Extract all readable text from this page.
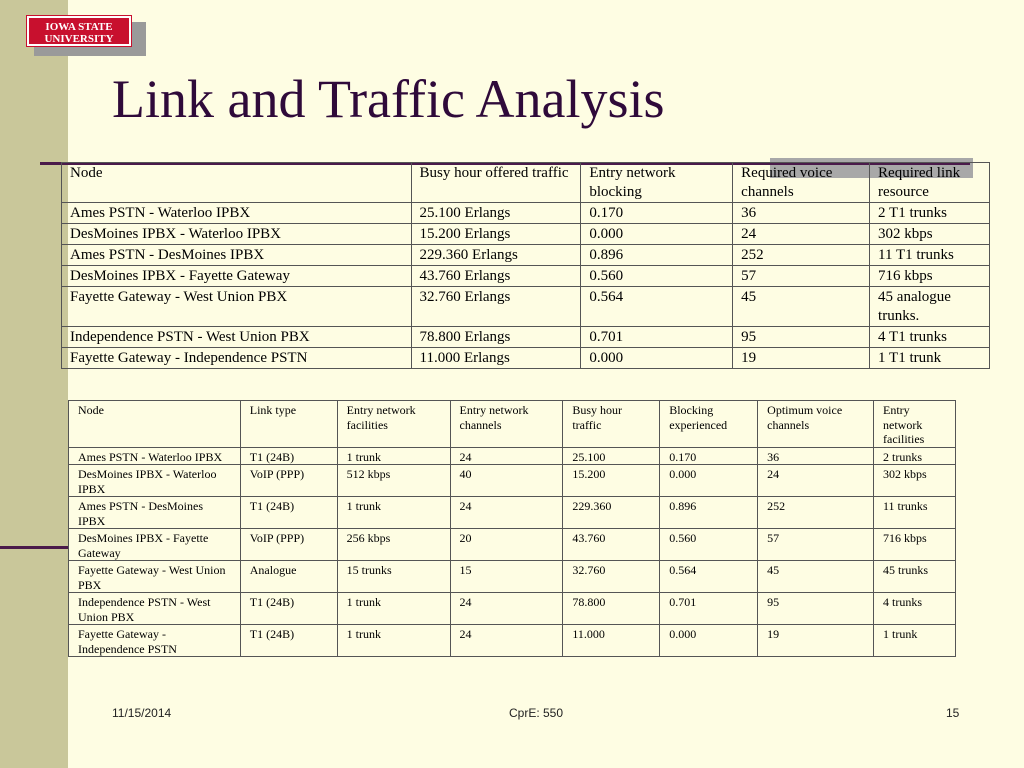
IOWA STATE
UNIVERSITY
Link and Traffic Analysis
Node	Busy hour offered traffic	Entry network blocking	Required voice channels	Required link resource
Ames PSTN - Waterloo IPBX	25.100 Erlangs	0.170	36	2 T1 trunks
DesMoines IPBX - Waterloo IPBX	15.200 Erlangs	0.000	24	302 kbps
Ames PSTN - DesMoines IPBX	229.360 Erlangs	0.896	252	11 T1 trunks
DesMoines IPBX - Fayette Gateway	43.760 Erlangs	0.560	57	716 kbps
Fayette Gateway - West Union PBX	32.760 Erlangs	0.564	45	45 analogue trunks.
Independence PSTN - West Union PBX	78.800 Erlangs	0.701	95	4 T1 trunks
Fayette Gateway - Independence PSTN	11.000 Erlangs	0.000	19	1 T1 trunk
Node	Link type	Entry network facilities	Entry network channels	Busy hour traffic	Blocking experienced	Optimum voice channels	Entry network facilities
Ames PSTN - Waterloo IPBX	T1 (24B)	1 trunk	24	25.100	0.170	36	2 trunks
DesMoines IPBX - Waterloo IPBX	VoIP (PPP)	512 kbps	40	15.200	0.000	24	302 kbps
Ames PSTN - DesMoines IPBX	T1 (24B)	1 trunk	24	229.360	0.896	252	11 trunks
DesMoines IPBX - Fayette Gateway	VoIP (PPP)	256 kbps	20	43.760	0.560	57	716 kbps
Fayette Gateway - West Union PBX	Analogue	15 trunks	15	32.760	0.564	45	45 trunks
Independence PSTN - West Union PBX	T1 (24B)	1 trunk	24	78.800	0.701	95	4 trunks
Fayette Gateway - Independence PSTN	T1 (24B)	1 trunk	24	11.000	0.000	19	1 trunk
11/15/2014	CprE: 550	15
